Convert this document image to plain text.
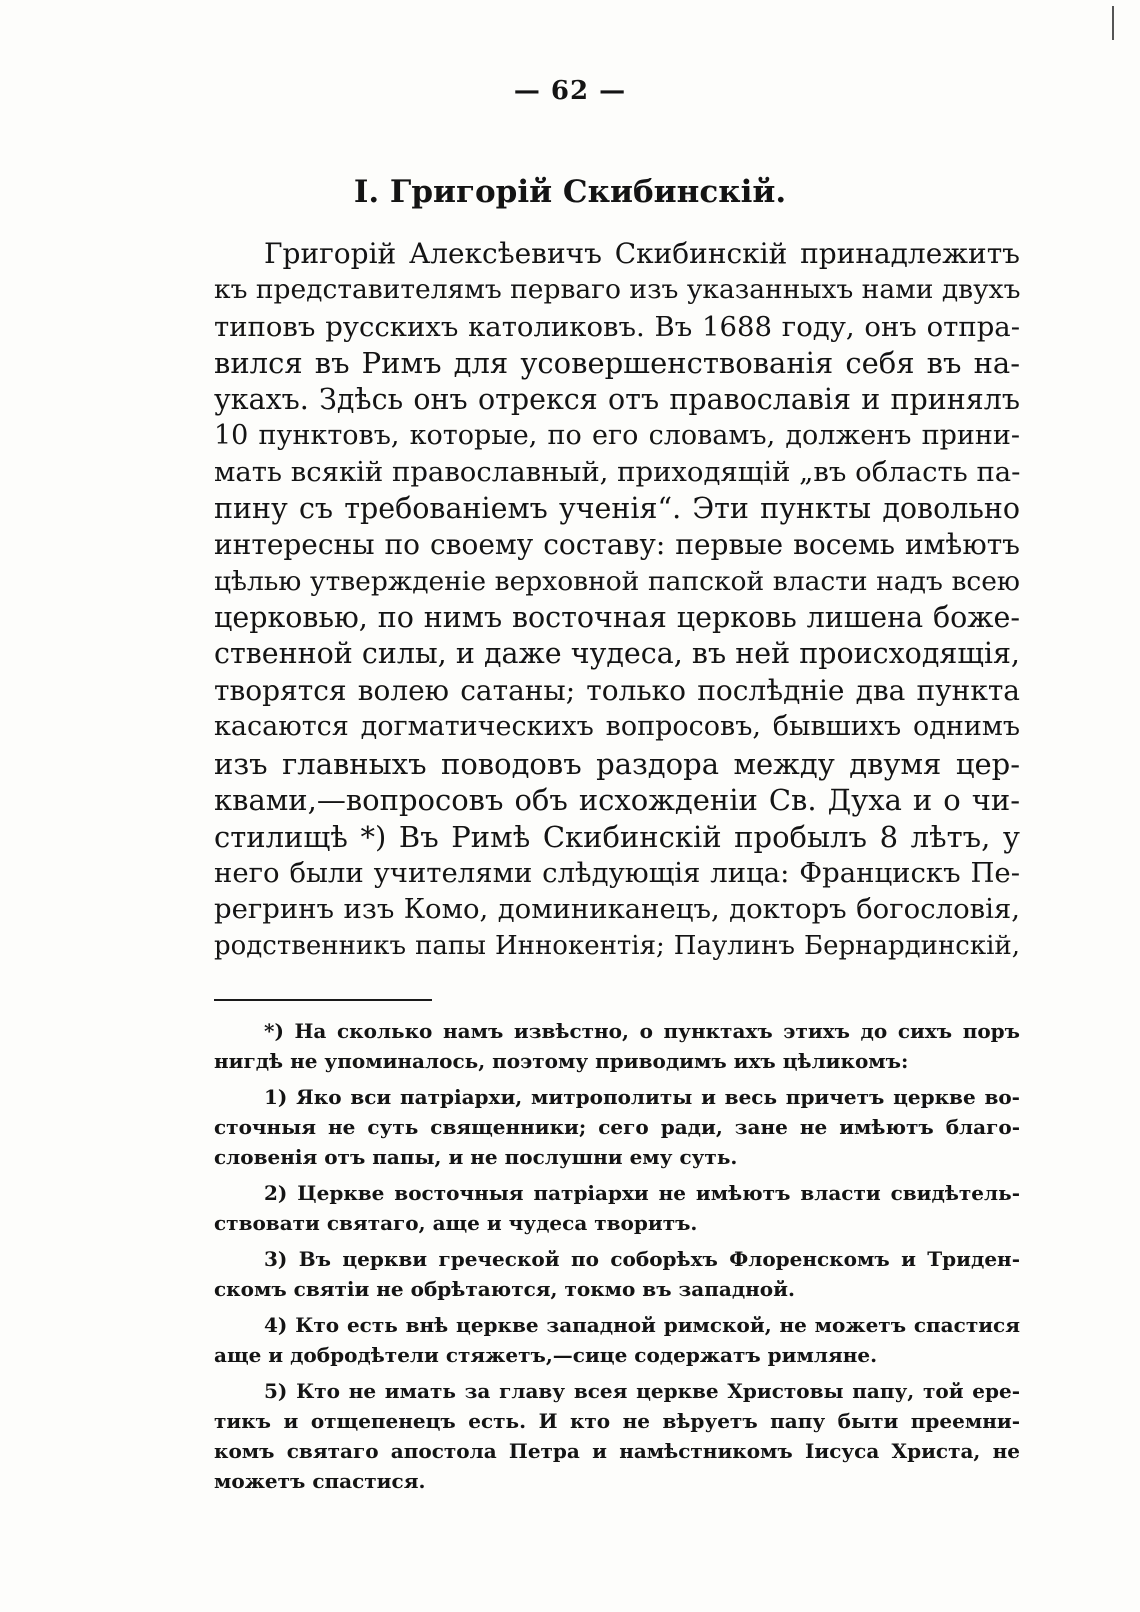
— 62 —
I. Григорій Скибинскій.
Григорій Алексѣевичъ Скибинскій принадлежитъ
къ представителямъ перваго изъ указанныхъ нами двухъ
типовъ русскихъ католиковъ. Въ 1688 году, онъ отпра-
вился въ Римъ для усовершенствованія себя въ на-
укахъ. Здѣсь онъ отрекся отъ православія и принялъ
10 пунктовъ, которые, по его словамъ, долженъ прини-
мать всякій православный, приходящій „въ область па-
пину съ требованіемъ ученія“. Эти пункты довольно
интересны по своему составу: первые восемь имѣютъ
цѣлью утвержденіе верховной папской власти надъ всею
церковью, по нимъ восточная церковь лишена боже-
ственной силы, и даже чудеса, въ ней происходящія,
творятся волею сатаны; только послѣдніе два пункта
касаются догматическихъ вопросовъ, бывшихъ однимъ
изъ главныхъ поводовъ раздора между двумя цер-
квами,—вопросовъ объ исхожденіи Св. Духа и о чи-
стилищѣ *) Въ Римѣ Скибинскій пробылъ 8 лѣтъ, у
него были учителями слѣдующія лица: Францискъ Пе-
регринъ изъ Комо, доминиканецъ, докторъ богословія,
родственникъ папы Иннокентія; Паулинъ Бернардинскій,
*) На сколько намъ извѣстно, о пунктахъ этихъ до сихъ поръ
нигдѣ не упоминалось, поэтому приводимъ ихъ цѣликомъ:
1) Яко вси патріархи, митрополиты и весь причетъ церкве во-
сточныя не суть священники; сего ради, зане не имѣютъ благо-
словенія отъ папы, и не послушни ему суть.
2) Церкве восточныя патріархи не имѣютъ власти свидѣтель-
ствовати святаго, аще и чудеса творитъ.
3) Въ церкви греческой по соборѣхъ Флоренскомъ и Триден-
скомъ святіи не обрѣтаются, токмо въ западной.
4) Кто есть внѣ церкве западной римской, не можетъ спастися
аще и добродѣтели стяжетъ,—сице содержатъ римляне.
5) Кто не имать за главу всея церкве Христовы папу, той ере-
тикъ и отщепенецъ есть. И кто не вѣруетъ папу быти преемни-
комъ святаго апостола Петра и намѣстникомъ Іисуса Христа, не
можетъ спастися.
